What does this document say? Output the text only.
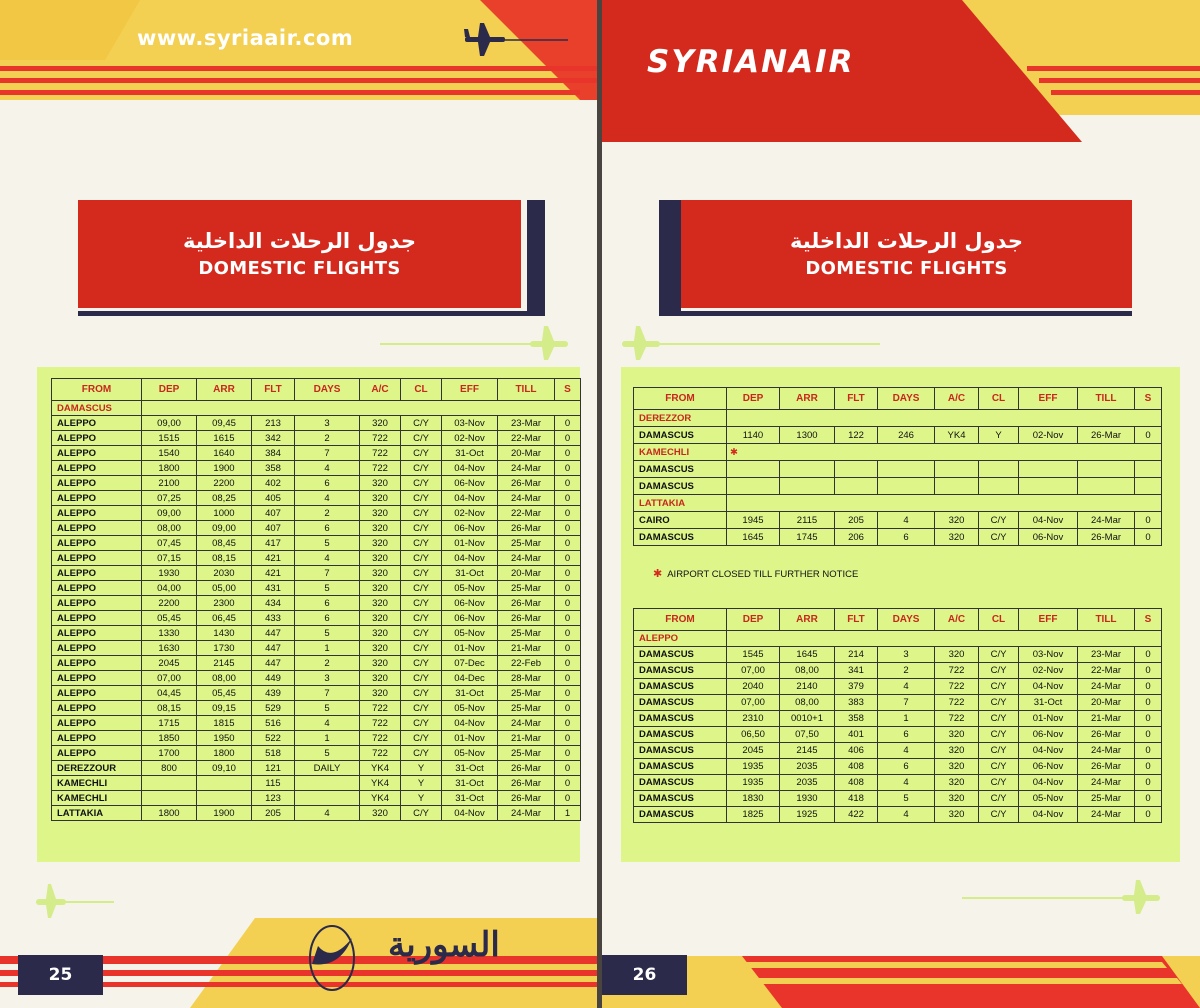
www.syriaair.com
جدول الرحلات الداخلية
DOMESTIC FLIGHTS
FROM	DEP	ARR	FLT	DAYS	A/C	CL	EFF	TILL	S
DAMASCUS									
ALEPPO	09,00	09,45	213	3	320	C/Y	03-Nov	23-Mar	0
ALEPPO	1515	1615	342	2	722	C/Y	02-Nov	22-Mar	0
ALEPPO	1540	1640	384	7	722	C/Y	31-Oct	20-Mar	0
ALEPPO	1800	1900	358	4	722	C/Y	04-Nov	24-Mar	0
ALEPPO	2100	2200	402	6	320	C/Y	06-Nov	26-Mar	0
ALEPPO	07,25	08,25	405	4	320	C/Y	04-Nov	24-Mar	0
ALEPPO	09,00	1000	407	2	320	C/Y	02-Nov	22-Mar	0
ALEPPO	08,00	09,00	407	6	320	C/Y	06-Nov	26-Mar	0
ALEPPO	07,45	08,45	417	5	320	C/Y	01-Nov	25-Mar	0
ALEPPO	07,15	08,15	421	4	320	C/Y	04-Nov	24-Mar	0
ALEPPO	1930	2030	421	7	320	C/Y	31-Oct	20-Mar	0
ALEPPO	04,00	05,00	431	5	320	C/Y	05-Nov	25-Mar	0
ALEPPO	2200	2300	434	6	320	C/Y	06-Nov	26-Mar	0
ALEPPO	05,45	06,45	433	6	320	C/Y	06-Nov	26-Mar	0
ALEPPO	1330	1430	447	5	320	C/Y	05-Nov	25-Mar	0
ALEPPO	1630	1730	447	1	320	C/Y	01-Nov	21-Mar	0
ALEPPO	2045	2145	447	2	320	C/Y	07-Dec	22-Feb	0
ALEPPO	07,00	08,00	449	3	320	C/Y	04-Dec	28-Mar	0
ALEPPO	04,45	05,45	439	7	320	C/Y	31-Oct	25-Mar	0
ALEPPO	08,15	09,15	529	5	722	C/Y	05-Nov	25-Mar	0
ALEPPO	1715	1815	516	4	722	C/Y	04-Nov	24-Mar	0
ALEPPO	1850	1950	522	1	722	C/Y	01-Nov	21-Mar	0
ALEPPO	1700	1800	518	5	722	C/Y	05-Nov	25-Mar	0
DEREZZOUR	800	09,10	121	DAILY	YK4	Y	31-Oct	26-Mar	0
KAMECHLI			115		YK4	Y	31-Oct	26-Mar	0
KAMECHLI			123		YK4	Y	31-Oct	26-Mar	0
LATTAKIA	1800	1900	205	4	320	C/Y	04-Nov	24-Mar	1
السورية
25
SYRIANAIR
جدول الرحلات الداخلية
DOMESTIC FLIGHTS
FROM	DEP	ARR	FLT	DAYS	A/C	CL	EFF	TILL	S
DEREZZOR									
DAMASCUS	1140	1300	122	246	YK4	Y	02-Nov	26-Mar	0
KAMECHLI	✱								
DAMASCUS									
DAMASCUS									
LATTAKIA									
CAIRO	1945	2115	205	4	320	C/Y	04-Nov	24-Mar	0
DAMASCUS	1645	1745	206	6	320	C/Y	06-Nov	26-Mar	0
✱ AIRPORT CLOSED TILL FURTHER NOTICE
FROM	DEP	ARR	FLT	DAYS	A/C	CL	EFF	TILL	S
ALEPPO									
DAMASCUS	1545	1645	214	3	320	C/Y	03-Nov	23-Mar	0
DAMASCUS	07,00	08,00	341	2	722	C/Y	02-Nov	22-Mar	0
DAMASCUS	2040	2140	379	4	722	C/Y	04-Nov	24-Mar	0
DAMASCUS	07,00	08,00	383	7	722	C/Y	31-Oct	20-Mar	0
DAMASCUS	2310	0010+1	358	1	722	C/Y	01-Nov	21-Mar	0
DAMASCUS	06,50	07,50	401	6	320	C/Y	06-Nov	26-Mar	0
DAMASCUS	2045	2145	406	4	320	C/Y	04-Nov	24-Mar	0
DAMASCUS	1935	2035	408	6	320	C/Y	06-Nov	26-Mar	0
DAMASCUS	1935	2035	408	4	320	C/Y	04-Nov	24-Mar	0
DAMASCUS	1830	1930	418	5	320	C/Y	05-Nov	25-Mar	0
DAMASCUS	1825	1925	422	4	320	C/Y	04-Nov	24-Mar	0
26
